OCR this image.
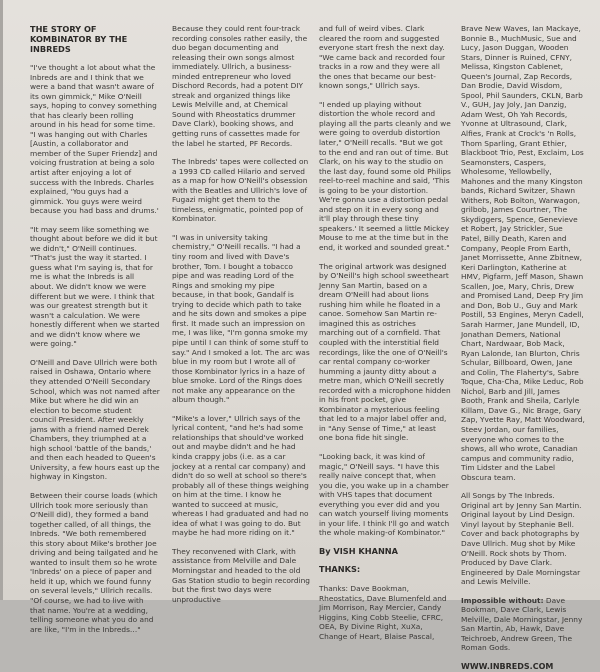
THE STORY OF KOMBINATOR BY THE INBREDS

"I've thought a lot about what the Inbreds are and I think that we were a band that wasn't aware of its own gimmick," Mike O'Neill says, hoping to convey something that has clearly been rolling around in his head for some time. "I was hanging out with Charles [Austin, a collaborator and member of the Super Friendz] and voicing frustration at being a solo artist after enjoying a lot of success with the Inbreds. Charles explained, 'You guys had a gimmick. You guys were weird because you had bass and drums.'

"It may seem like something we thought about before we did it but we didn't," O'Neill continues. "That's just the way it started. I guess what I'm saying is, that for me is what the Inbreds is all about. We didn't know we were different but we were. I think that was our greatest strength but it wasn't a calculation. We were honestly different when we started and we didn't know where we were going."

O'Neill and Dave Ullrich were both raised in Oshawa, Ontario where they attended O'Neill Secondary School, which was not named after Mike but where he did win an election to become student council President. After weekly jams with a friend named Derek Chambers, they triumphed at a high school 'battle of the bands,' and then each headed to Queen's University, a few hours east up the highway in Kingston.

Between their course loads (which Ullrich took more seriously than O'Neill did), they formed a band together called, of all things, the Inbreds. "We both remembered this story about Mike's brother Joe driving and being tailgated and he wanted to insult them so he wrote 'Inbreds' on a piece of paper and held it up, which we found funny on several levels," Ullrich recalls. "Of course, we had to live with that name. You're at a wedding, telling someone what you do and are like, "I'm in the Inbreds…"

Because they could rent four-track recording consoles rather easily, the duo began documenting and releasing their own songs almost immediately. Ullrich, a business-minded entrepreneur who loved Dischord Records, had a potent DIY streak and organized things like Lewis Melville and, at Chemical Sound with Rheostatics drummer Dave Clark), booking shows, and getting runs of cassettes made for the label he started, PF Records.

The Inbreds' tapes were collected on a 1993 CD called Hilario and served as a map for how O'Neill's obsession with the Beatles and Ullrich's love of Fugazi might get them to the timeless, enigmatic, pointed pop of Kombinator.

"I was in university taking chemistry," O'Neill recalls. "I had a tiny room and lived with Dave's brother, Tom. I bought a tobacco pipe and was reading Lord of the Rings and smoking my pipe because, in that book, Gandalf is trying to decide which path to take and he sits down and smokes a pipe first. It made such an impression on me, I was like, "I'm gonna smoke my pipe until I can think of some stuff to say." And I smoked a lot. The arc was blue in my room but I wrote all of those Kombinator lyrics in a haze of blue smoke. Lord of the Rings does not make any appearance on the album though."

"Mike's a lover," Ullrich says of the lyrical content, "and he's had some relationships that should've worked out and maybe didn't and he had kinda crappy jobs (i.e. as a car jockey at a rental car company) and didn't do so well at school so there's probably all of these things weighing on him at the time. I know he wanted to succeed at music, whereas I had graduated and had no idea of what I was going to do. But maybe he had more riding on it."

They reconvened with Clark, with assistance from Melville and Dale Morningstar and headed to the old Gas Station studio to begin recording but the first two days were unproductive

and full of weird vibes. Clark cleared the room and suggested everyone start fresh the next day. "We came back and recorded four tracks in a row and they were all the ones that became our best-known songs," Ullrich says.

"I ended up playing without distortion the whole record and playing all the parts cleanly and we were going to overdub distortion later," O'Neill recalls. "But we got to the end and ran out of time. But Clark, on his way to the studio on the last day, found some old Philips reel-to-reel machine and said, 'This is going to be your distortion. We're gonna use a distortion pedal and step on it in every song and it'll play through these tiny speakers.' It seemed a little Mickey Mouse to me at the time but in the end, it worked and sounded great."

The original artwork was designed by O'Neill's high school sweetheart Jenny San Martin, based on a dream O'Neill had about lions rushing him while he floated in a canoe. Somehow San Martin re-imagined this as ostriches marching out of a cornfield. That coupled with the interstitial field recordings, like the one of O'Neill's car rental company co-worker humming a jaunty ditty about a metre man, which O'Neill secretly recorded with a microphone hidden in his front pocket, give Kombinator a mysterious feeling that led to a major label offer and, in "Any Sense of Time," at least one bona fide hit single.

"Looking back, it was kind of magic," O'Neill says. "I have this really naive concept that, when you die, you wake up in a chamber with VHS tapes that document everything you ever did and you can watch yourself living moments in your life. I think I'll go and watch the whole making-of Kombinator."

By VISH KHANNA
THANKS:

Thanks: Dave Bookman, Rheostatics, Dave Blumenfeld and Jim Morrison, Ray Mercier, Candy Higgins, King Cobb Steelie, CFRC, OEA, By Divine Right, XuXa, Change of Heart, Blaise Pascal,

Brave New Waves, Ian Mackaye, Bonnie B., MuchMusic, Sue and Lucy, Jason Duggan, Wooden Stars, Dinner is Ruined, CFNY, Melissa, Kingston Cablenet, Queen's Journal, Zap Records, Dan Brodie, David Wisdom, Spool, Phil Saunders, CKLN, Barb V., GUH, Jay Joly, Jan Danzig, Adam West, Oh Yah Records, Yvonne at Ultrasound, Clark, Alfies, Frank at Crock's 'n Rolls, Thom Sparling, Grant Ethier, Blackboot Trio, Pest, Exclaim, Los Seamonsters, Caspers, Wholesome, Yellowbelly, Mahones and the many Kingston bands, Richard Switzer, Shawn Withers, Rob Bolton, Warwagon, grilbob, James Courtner, The Skydiggers, Spence, Genevieve et Robert, Jay Strickler, Sue Patel, Billy Death, Karen and Company, People From Earth, Janet Morrissette, Anne Zbitnew, Keri Darlington, Katherine at HMV, Pigfarm, Jeff Mason, Shawn Scallen, Joe, Mary, Chris, Drew and Promised Land, Deep Fry Jim and Don, Bob U., Guy and Mark Postill, 53 Engines, Meryn Cadell, Sarah Harmer, Jane Mundell, ID, Jonathan Demers, National Chart, Nardwaar, Bob Mack, Ryan Lalonde, Ian Blurton, Chris Schular, Billboard, Owen, Jane and Colin, The Flaherty's, Sabre Toque, Cha-Cha, Mike Leduc, Rob Nichol, Barb and Jill, James Booth, Frank and Sheila, Carlyle Killam, Dave G., Nic Brage, Gary Zap, Yvette Ray, Matt Woodward, Steev Jordan, our families, everyone who comes to the shows, all who wrote, Canadian campus and community radio, Tim Lidster and the Label Obscura team.

All Songs by The Inbreds. Original art by Jenny San Martin. Original layout by Lind Design. Vinyl layout by Stephanie Bell. Cover and back photographs by Dave Ullrich. Mug shot by Mike O'Neill. Rock shots by Thom. Produced by Dave Clark. Engineered by Dale Morningstar and Lewis Melville.

Impossible without: Dave Bookman, Dave Clark, Lewis Melville, Dale Morningstar, Jenny San Martin, Ab, Hawk, Dave Teichroeb, Andrew Green, The Roman Gods.

WWW.INBREDS.COM
